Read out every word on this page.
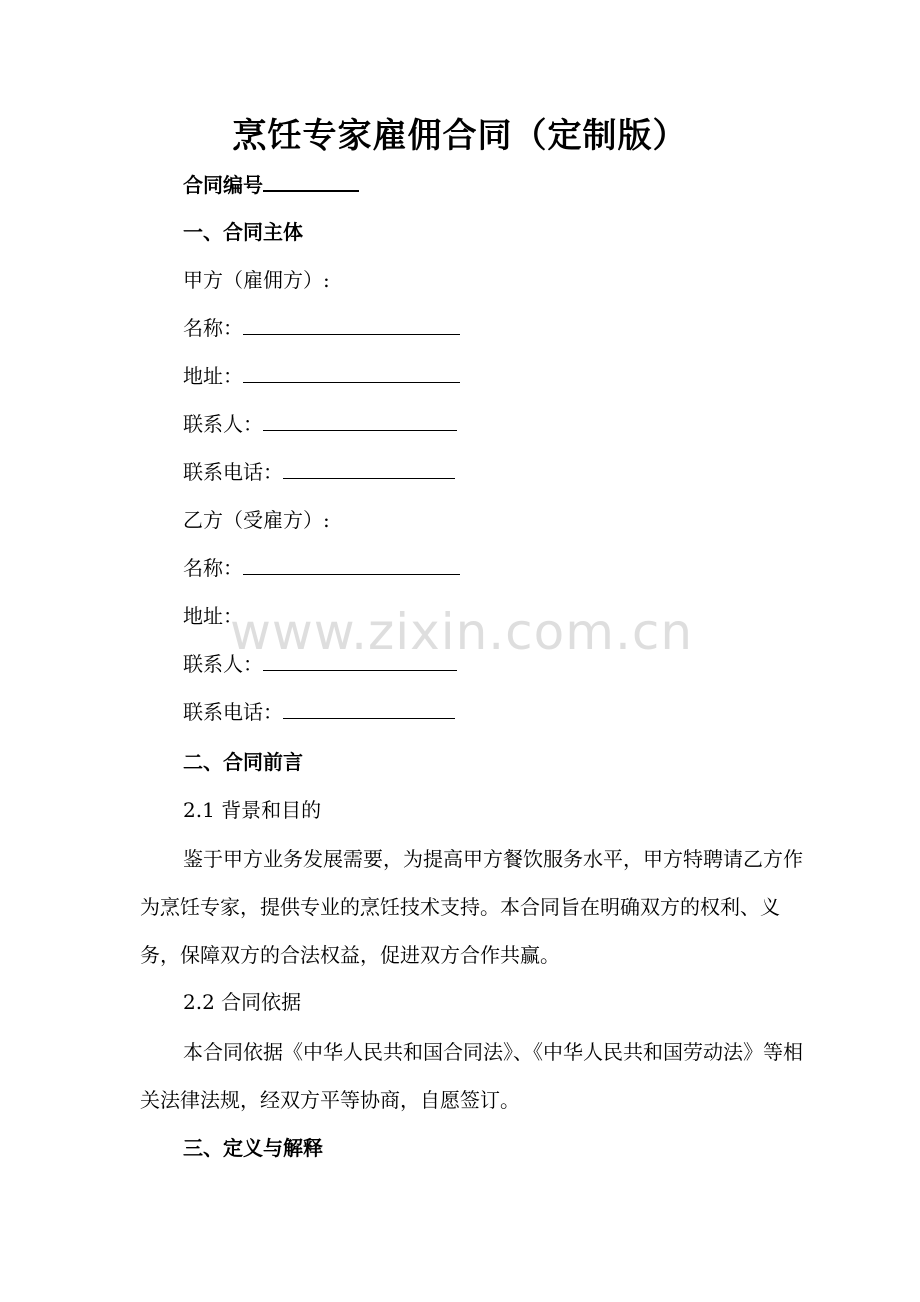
烹饪专家雇佣合同（定制版）

合同编号

一、合同主体

甲方（雇佣方）:

名称：

地址：

联系人：

联系电话：

乙方（受雇方）:

名称：

地址：

联系人：

联系电话：

二、合同前言

2.1 背景和目的

鉴于甲方业务发展需要，为提高甲方餐饮服务水平，甲方特聘请乙方作为烹饪专家，提供专业的烹饪技术支持。本合同旨在明确双方的权利、义务，保障双方的合法权益，促进双方合作共赢。

2.2 合同依据

本合同依据《中华人民共和国合同法》、《中华人民共和国劳动法》等相关法律法规，经双方平等协商，自愿签订。

三、定义与解释

www.zixin.com.cn
